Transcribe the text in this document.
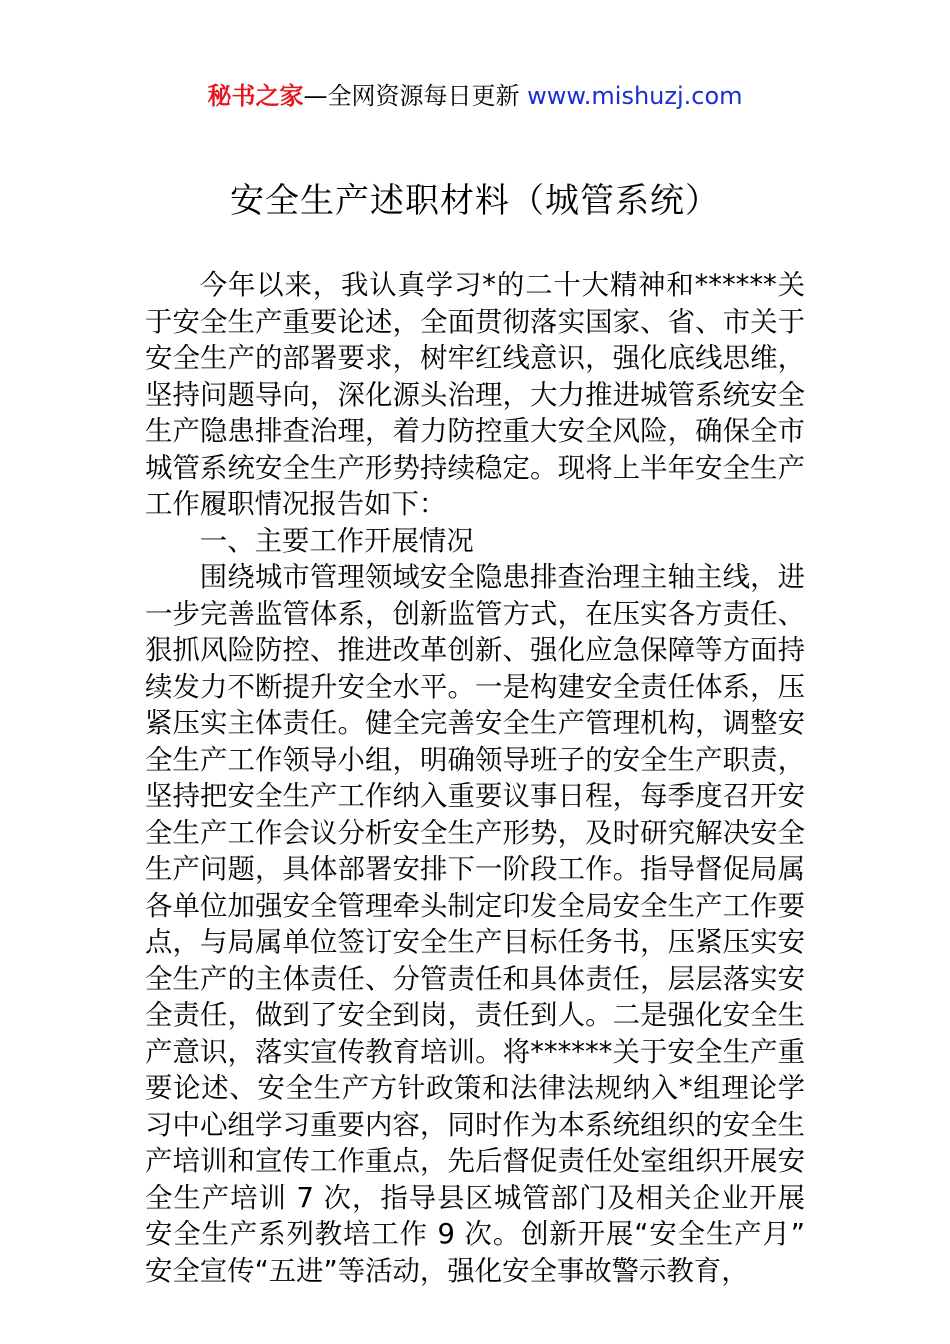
秘书之家—全网资源每日更新 www.mishuzj.com
安全生产述职材料（城管系统）

今年以来，我认真学习*的二十大精神和******关于安全生产重要论述，全面贯彻落实国家、省、市关于安全生产的部署要求，树牢红线意识，强化底线思维，坚持问题导向，深化源头治理，大力推进城管系统安全生产隐患排查治理，着力防控重大安全风险，确保全市城管系统安全生产形势持续稳定。现将上半年安全生产工作履职情况报告如下：

一、主要工作开展情况

围绕城市管理领域安全隐患排查治理主轴主线，进一步完善监管体系，创新监管方式，在压实各方责任、狠抓风险防控、推进改革创新、强化应急保障等方面持续发力不断提升安全水平。一是构建安全责任体系，压紧压实主体责任。健全完善安全生产管理机构，调整安全生产工作领导小组，明确领导班子的安全生产职责，坚持把安全生产工作纳入重要议事日程，每季度召开安全生产工作会议分析安全生产形势，及时研究解决安全生产问题，具体部署安排下一阶段工作。指导督促局属各单位加强安全管理牵头制定印发全局安全生产工作要点，与局属单位签订安全生产目标任务书，压紧压实安全生产的主体责任、分管责任和具体责任，层层落实安全责任，做到了安全到岗，责任到人。二是强化安全生产意识，落实宣传教育培训。将******关于安全生产重要论述、安全生产方针政策和法律法规纳入*组理论学习中心组学习重要内容，同时作为本系统组织的安全生产培训和宣传工作重点，先后督促责任处室组织开展安全生产培训 7 次，指导县区城管部门及相关企业开展安全生产系列教培工作 9 次。创新开展“安全生产月”安全宣传“五进”等活动，强化安全事故警示教育，
